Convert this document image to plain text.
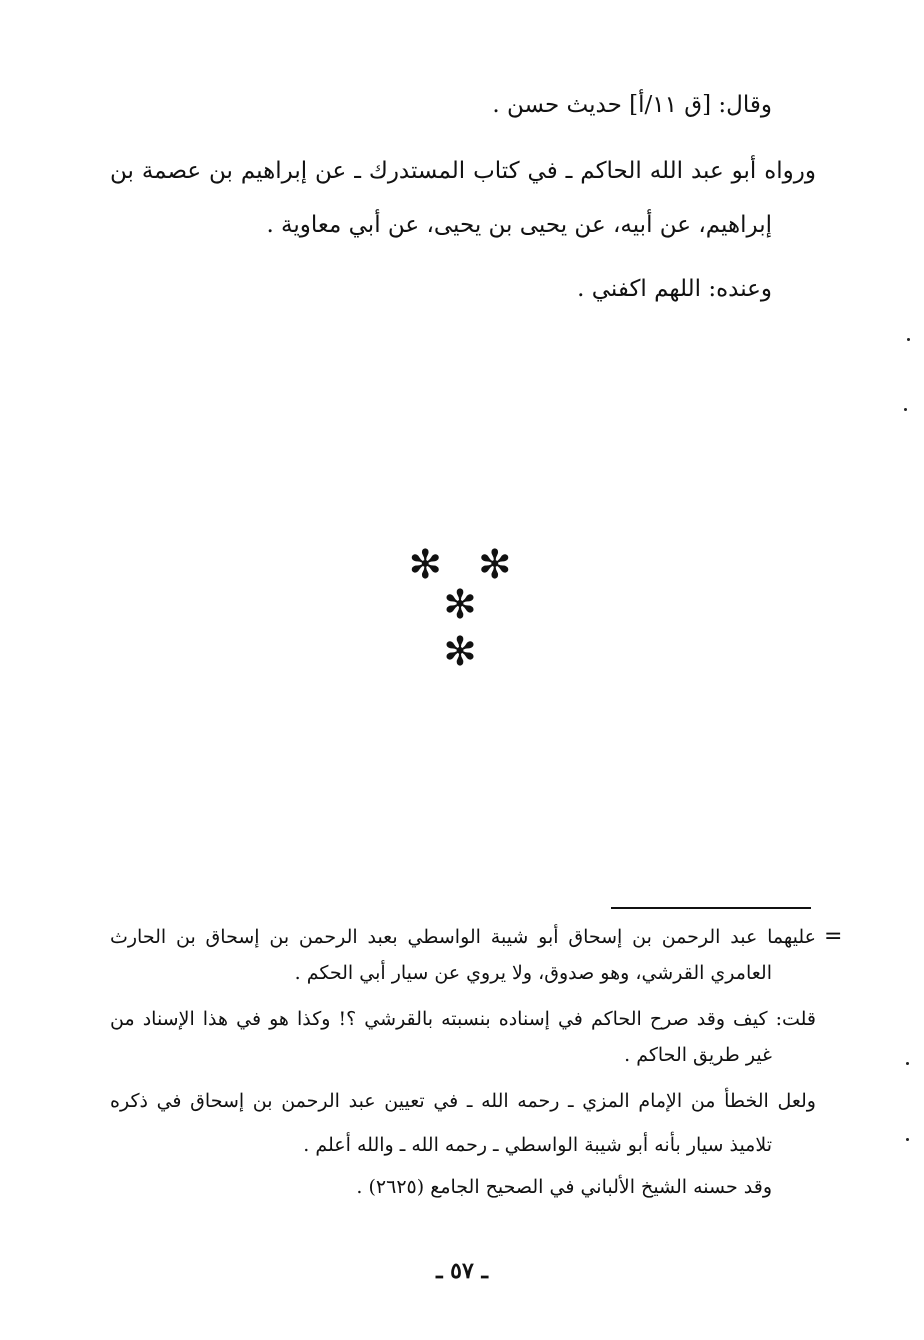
وقال: [ق ١١/أ] حديث حسن .
ورواه أبو عبد الله الحاكم ـ في كتاب المستدرك ـ عن إبراهيم بن عصمة بن
إبراهيم، عن أبيه، عن يحيى بن يحيى، عن أبي معاوية .
وعنده: اللهم اكفني .
✻✻✻
✻
=
عليهما عبد الرحمن بن إسحاق أبو شيبة الواسطي بعبد الرحمن بن إسحاق بن الحارث
العامري القرشي، وهو صدوق، ولا يروي عن سيار أبي الحكم .
قلت: كيف وقد صرح الحاكم في إسناده بنسبته بالقرشي ؟! وكذا هو في هذا الإسناد من
غير طريق الحاكم .
ولعل الخطأ من الإمام المزي ـ رحمه الله ـ في تعيين عبد الرحمن بن إسحاق في ذكره
تلاميذ سيار بأنه أبو شيبة الواسطي ـ رحمه الله ـ والله أعلم .
وقد حسنه الشيخ الألباني في الصحيح الجامع (٢٦٢٥) .
ـ ٥٧ ـ
